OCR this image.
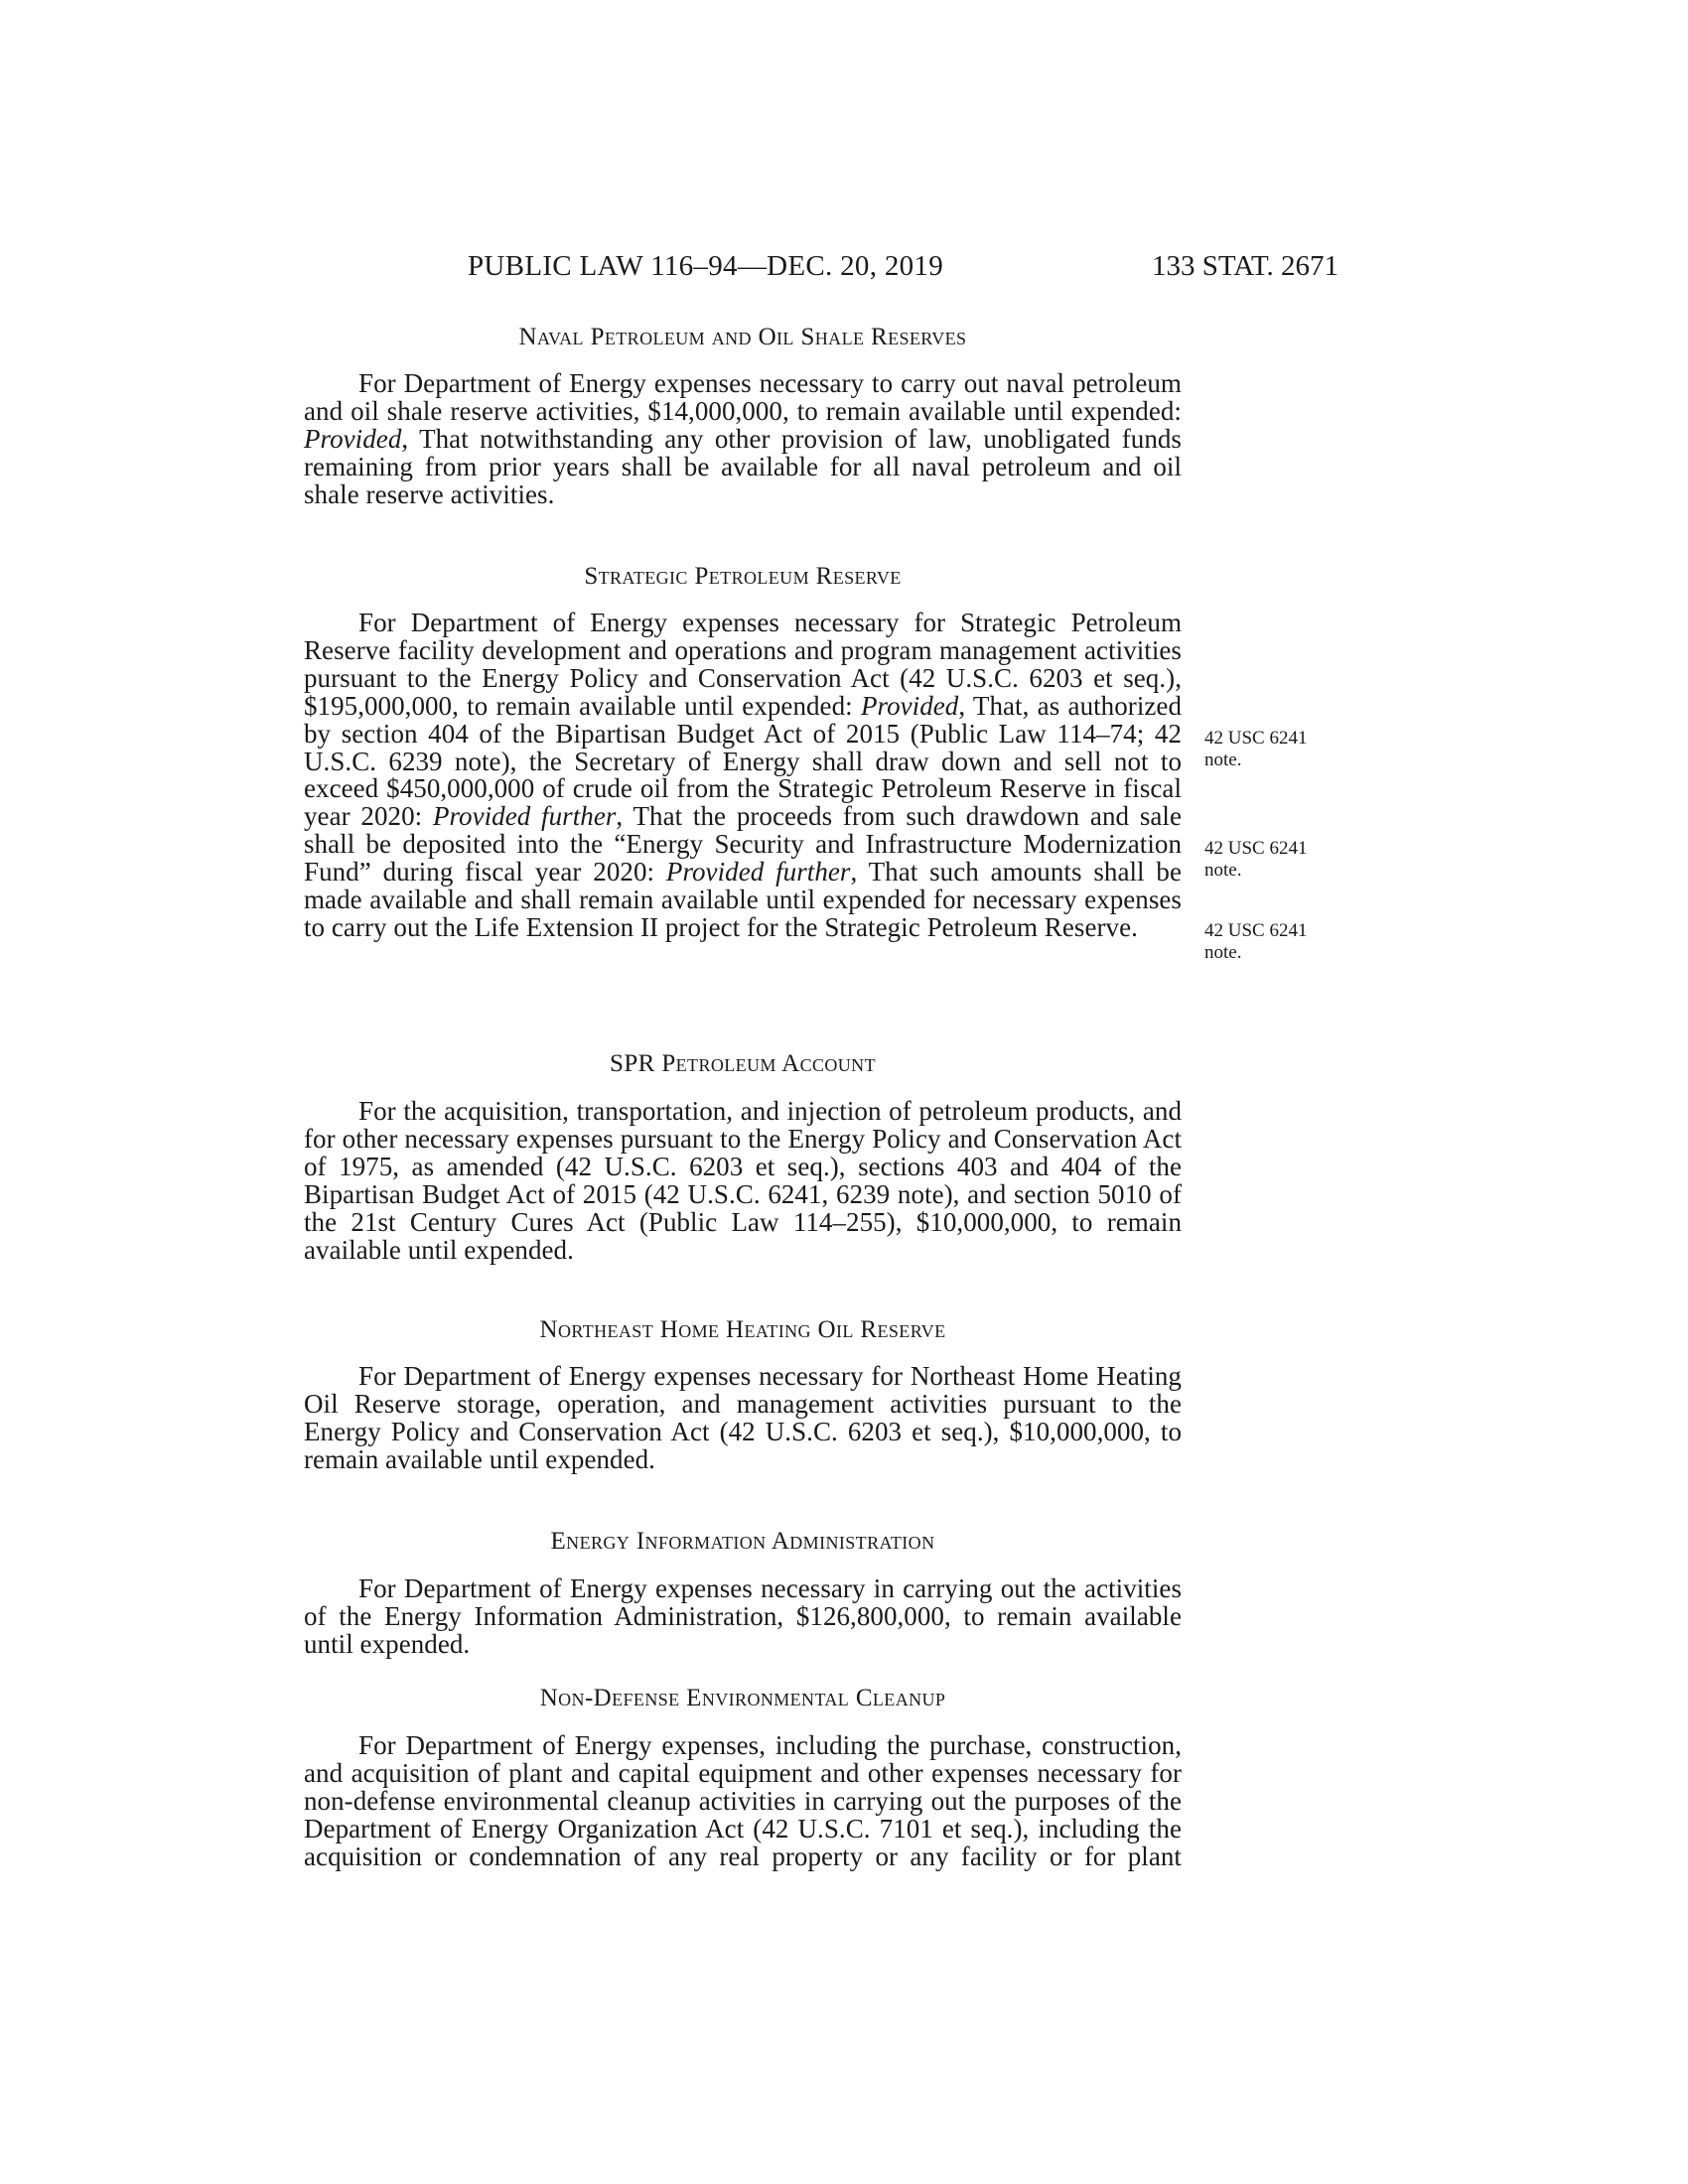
PUBLIC LAW 116–94—DEC. 20, 2019	133 STAT. 2671
Naval Petroleum and Oil Shale Reserves
For Department of Energy expenses necessary to carry out naval petroleum and oil shale reserve activities, $14,000,000, to remain available until expended: Provided, That notwithstanding any other provision of law, unobligated funds remaining from prior years shall be available for all naval petroleum and oil shale reserve activities.
Strategic Petroleum Reserve
For Department of Energy expenses necessary for Strategic Petroleum Reserve facility development and operations and program management activities pursuant to the Energy Policy and Conservation Act (42 U.S.C. 6203 et seq.), $195,000,000, to remain available until expended: Provided, That, as authorized by section 404 of the Bipartisan Budget Act of 2015 (Public Law 114–74; 42 U.S.C. 6239 note), the Secretary of Energy shall draw down and sell not to exceed $450,000,000 of crude oil from the Strategic Petroleum Reserve in fiscal year 2020: Provided further, That the proceeds from such drawdown and sale shall be deposited into the “Energy Security and Infrastructure Modernization Fund” during fiscal year 2020: Provided further, That such amounts shall be made available and shall remain available until expended for necessary expenses to carry out the Life Extension II project for the Strategic Petroleum Reserve.
42 USC 6241 note.
42 USC 6241 note.
42 USC 6241 note.
SPR Petroleum Account
For the acquisition, transportation, and injection of petroleum products, and for other necessary expenses pursuant to the Energy Policy and Conservation Act of 1975, as amended (42 U.S.C. 6203 et seq.), sections 403 and 404 of the Bipartisan Budget Act of 2015 (42 U.S.C. 6241, 6239 note), and section 5010 of the 21st Century Cures Act (Public Law 114–255), $10,000,000, to remain available until expended.
Northeast Home Heating Oil Reserve
For Department of Energy expenses necessary for Northeast Home Heating Oil Reserve storage, operation, and management activities pursuant to the Energy Policy and Conservation Act (42 U.S.C. 6203 et seq.), $10,000,000, to remain available until expended.
Energy Information Administration
For Department of Energy expenses necessary in carrying out the activities of the Energy Information Administration, $126,800,000, to remain available until expended.
Non-Defense Environmental Cleanup
For Department of Energy expenses, including the purchase, construction, and acquisition of plant and capital equipment and other expenses necessary for non-defense environmental cleanup activities in carrying out the purposes of the Department of Energy Organization Act (42 U.S.C. 7101 et seq.), including the acquisition or condemnation of any real property or any facility or for plant
